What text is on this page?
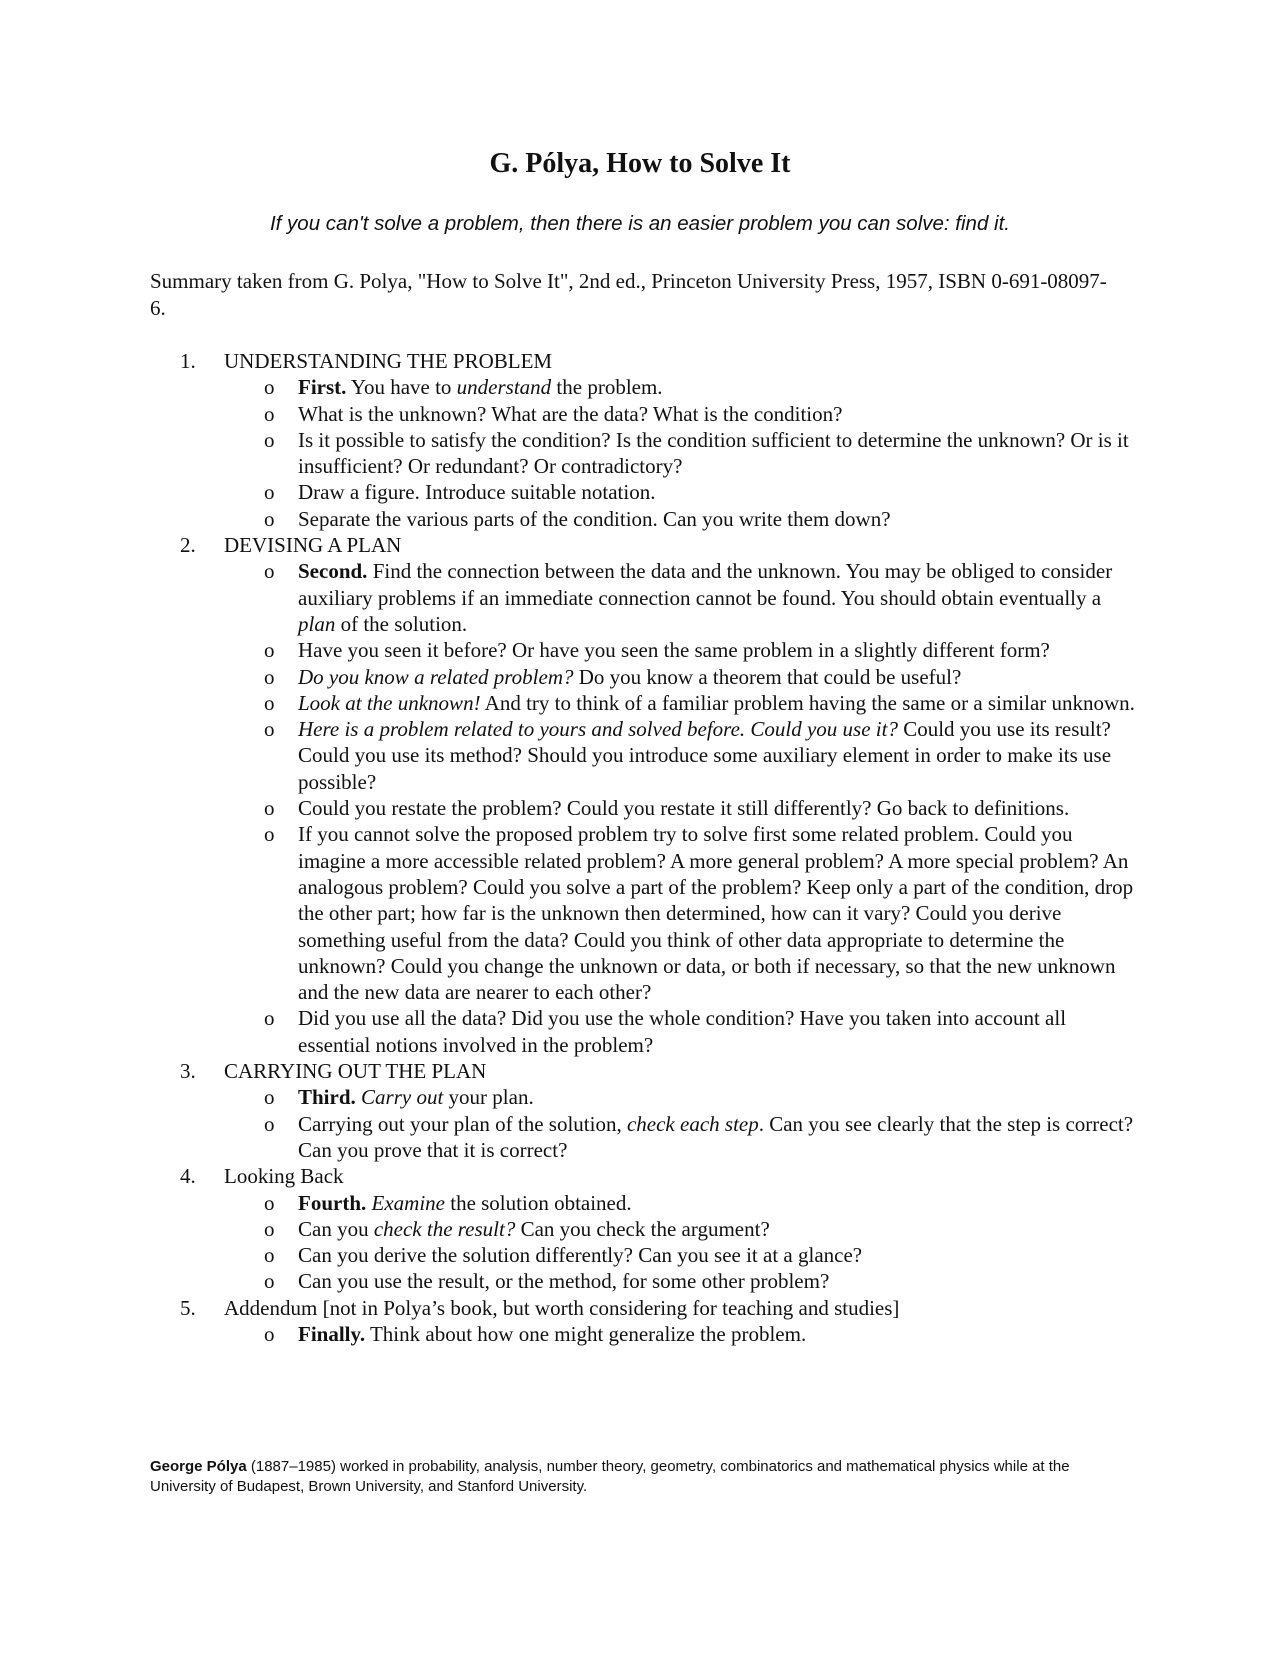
G. Pólya, How to Solve It

If you can't solve a problem, then there is an easier problem you can solve: find it.

Summary taken from G. Polya, "How to Solve It", 2nd ed., Princeton University Press, 1957, ISBN 0-691-08097-6.

1.	UNDERSTANDING THE PROBLEM
o	First. You have to understand the problem.
o	What is the unknown? What are the data? What is the condition?
o	Is it possible to satisfy the condition? Is the condition sufficient to determine the unknown? Or is it insufficient? Or redundant? Or contradictory?
o	Draw a figure. Introduce suitable notation.
o	Separate the various parts of the condition. Can you write them down?
2.	DEVISING A PLAN
o	Second. Find the connection between the data and the unknown. You may be obliged to consider auxiliary problems if an immediate connection cannot be found. You should obtain eventually a plan of the solution.
o	Have you seen it before? Or have you seen the same problem in a slightly different form?
o	Do you know a related problem? Do you know a theorem that could be useful?
o	Look at the unknown! And try to think of a familiar problem having the same or a similar unknown.
o	Here is a problem related to yours and solved before. Could you use it? Could you use its result? Could you use its method? Should you introduce some auxiliary element in order to make its use possible?
o	Could you restate the problem? Could you restate it still differently? Go back to definitions.
o	If you cannot solve the proposed problem try to solve first some related problem. Could you imagine a more accessible related problem? A more general problem? A more special problem? An analogous problem? Could you solve a part of the problem? Keep only a part of the condition, drop the other part; how far is the unknown then determined, how can it vary? Could you derive something useful from the data? Could you think of other data appropriate to determine the unknown? Could you change the unknown or data, or both if necessary, so that the new unknown and the new data are nearer to each other?
o	Did you use all the data? Did you use the whole condition? Have you taken into account all essential notions involved in the problem?
3.	CARRYING OUT THE PLAN
o	Third. Carry out your plan.
o	Carrying out your plan of the solution, check each step. Can you see clearly that the step is correct? Can you prove that it is correct?
4.	Looking Back
o	Fourth. Examine the solution obtained.
o	Can you check the result? Can you check the argument?
o	Can you derive the solution differently? Can you see it at a glance?
o	Can you use the result, or the method, for some other problem?
5.	Addendum [not in Polya’s book, but worth considering for teaching and studies]
o	Finally. Think about how one might generalize the problem.

George Pólya (1887–1985) worked in probability, analysis, number theory, geometry, combinatorics and mathematical physics while at the University of Budapest, Brown University, and Stanford University.
